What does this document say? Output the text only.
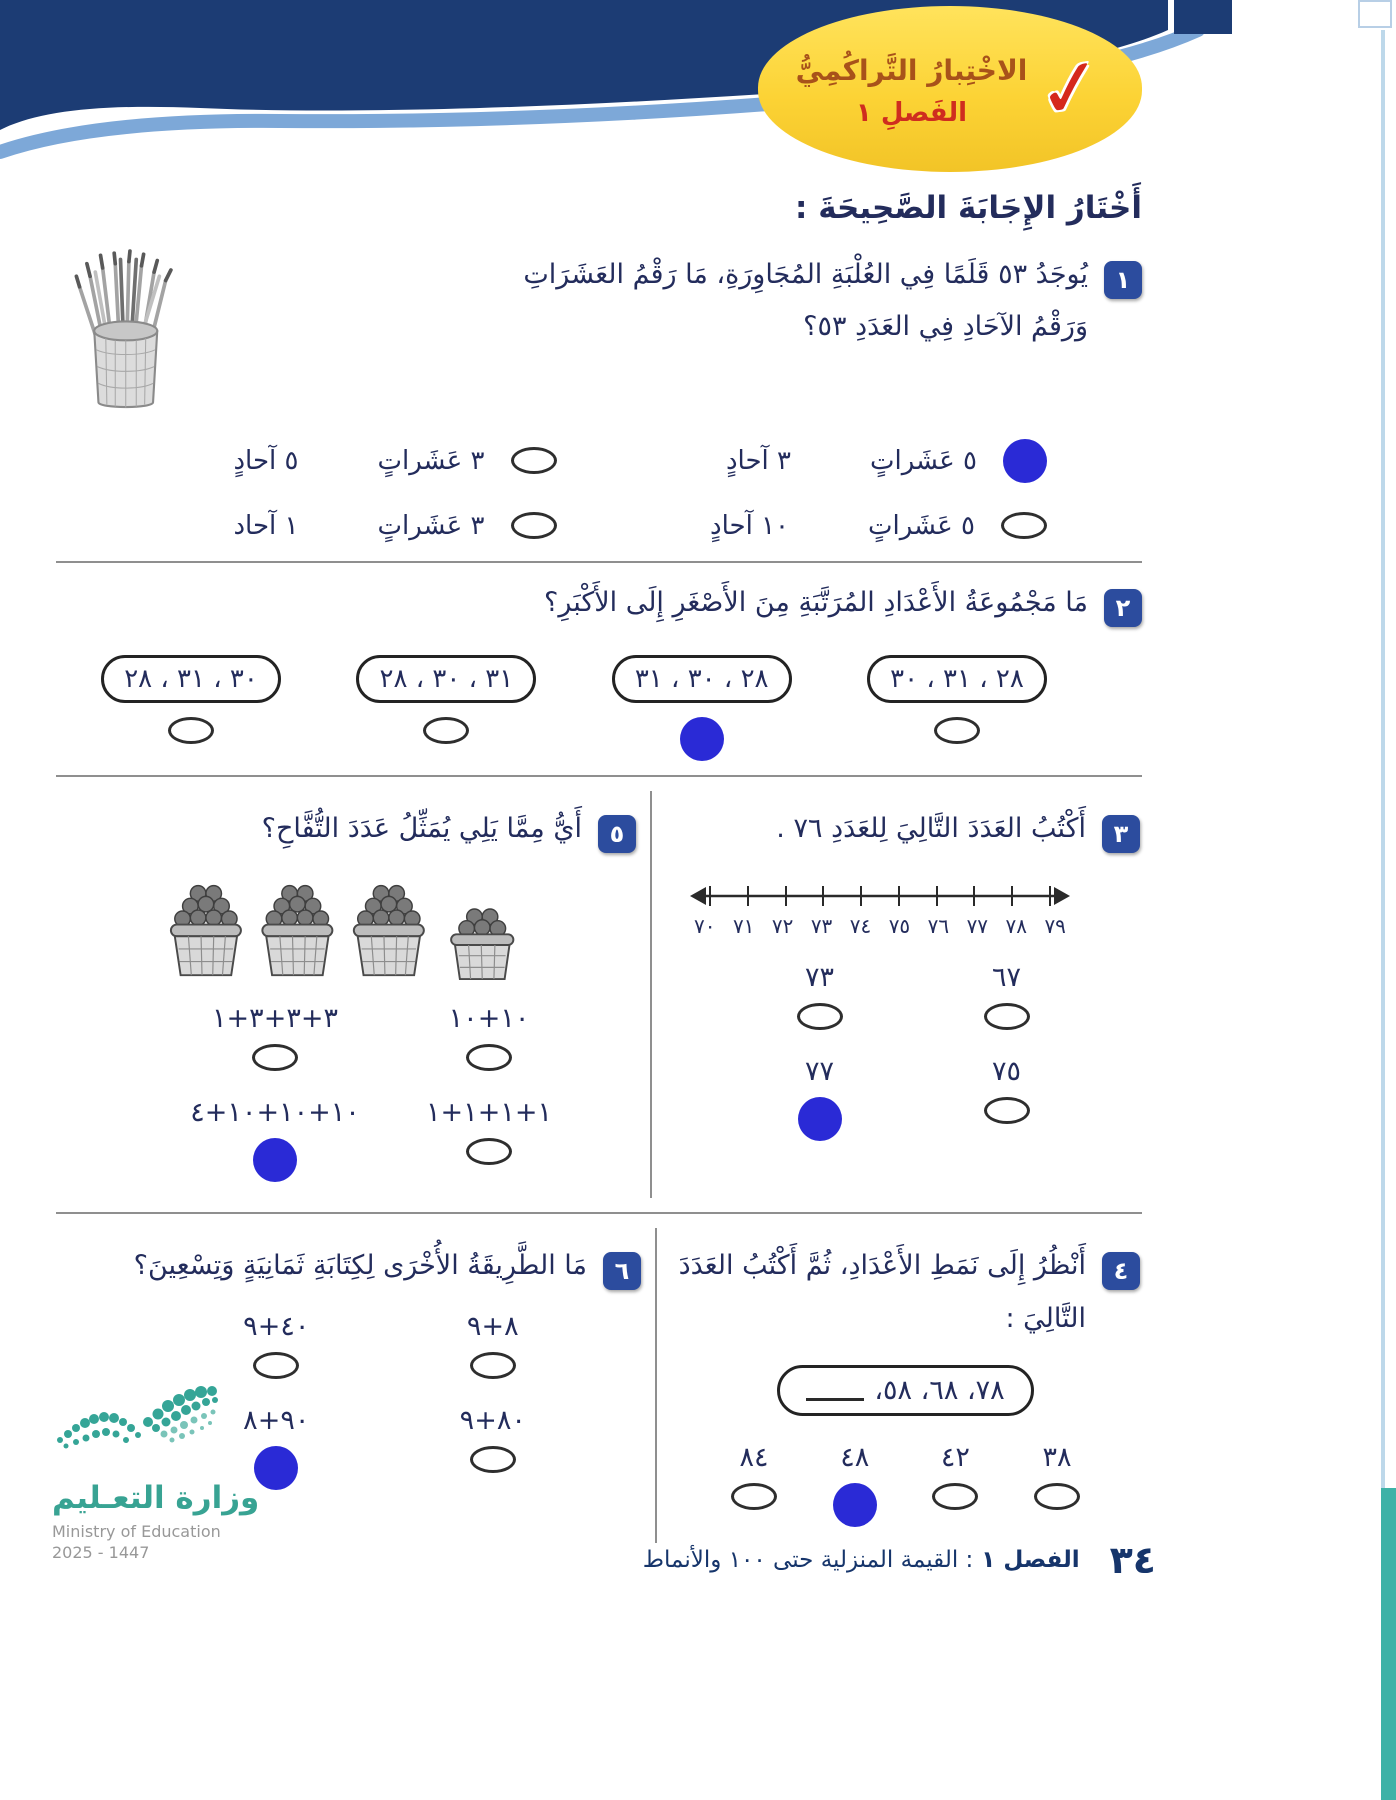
✓
الاخْتِبارُ التَّراكُمِيُّ
الفَصلِ ١
أَخْتَارُ الإِجَابَةَ الصَّحِيحَةَ :
١

يُوجَدُ ٥٣ قَلَمًا فِي العُلْبَةِ المُجَاوِرَةِ، مَا رَقْمُ العَشَرَاتِ وَرَقْمُ الآحَادِ فِي العَدَدِ ٥٣؟

٥ عَشَراتٍ
٣ آحادٍ
٣ عَشَراتٍ
٥ آحادٍ
٥ عَشَراتٍ
١٠ آحادٍ
٣ عَشَراتٍ
١ آحاد
٢

مَا مَجْمُوعَةُ الأَعْدَادِ المُرَتَّبَةِ مِنَ الأَصْغَرِ إِلَى الأَكْبَرِ؟

٢٨ ، ٣١ ، ٣٠
٢٨ ، ٣٠ ، ٣١
٣١ ، ٣٠ ، ٢٨
٣٠ ، ٣١ ، ٢٨
٣

أَكْتُبُ العَدَدَ التَّالِيَ لِلعَدَدِ ٧٦ .

٧٠ ٧١ ٧٢ ٧٣ ٧٤ ٧٥ ٧٦ ٧٧ ٧٨ ٧٩
٦٧
٧٣
٧٥
٧٧
٥

أَيُّ مِمَّا يَلِي يُمَثِّلُ عَدَدَ التُّفَّاحِ؟

١٠+١٠
٣+٣+٣+١
١+١+١+١
١٠+١٠+١٠+٤
٤

أَنْظُرُ إِلَى نَمَطِ الأَعْدَادِ، ثُمَّ أَكْتُبُ العَدَدَ التَّالِيَ :

٧٨، ٦٨، ٥٨،
٣٨
٤٢
٤٨
٨٤
٦

مَا الطَّرِيقَةُ الأُخْرَى لِكِتَابَةِ ثَمَانِيَةٍ وَتِسْعِينَ؟

٨+٩
٤٠+٩
٨٠+٩
٩٠+٨
وزارة التعـليم
Ministry of Education
2025 - 1447	٣٤
الفصل ١
: القيمة المنزلية حتى ١٠٠ والأنماط
